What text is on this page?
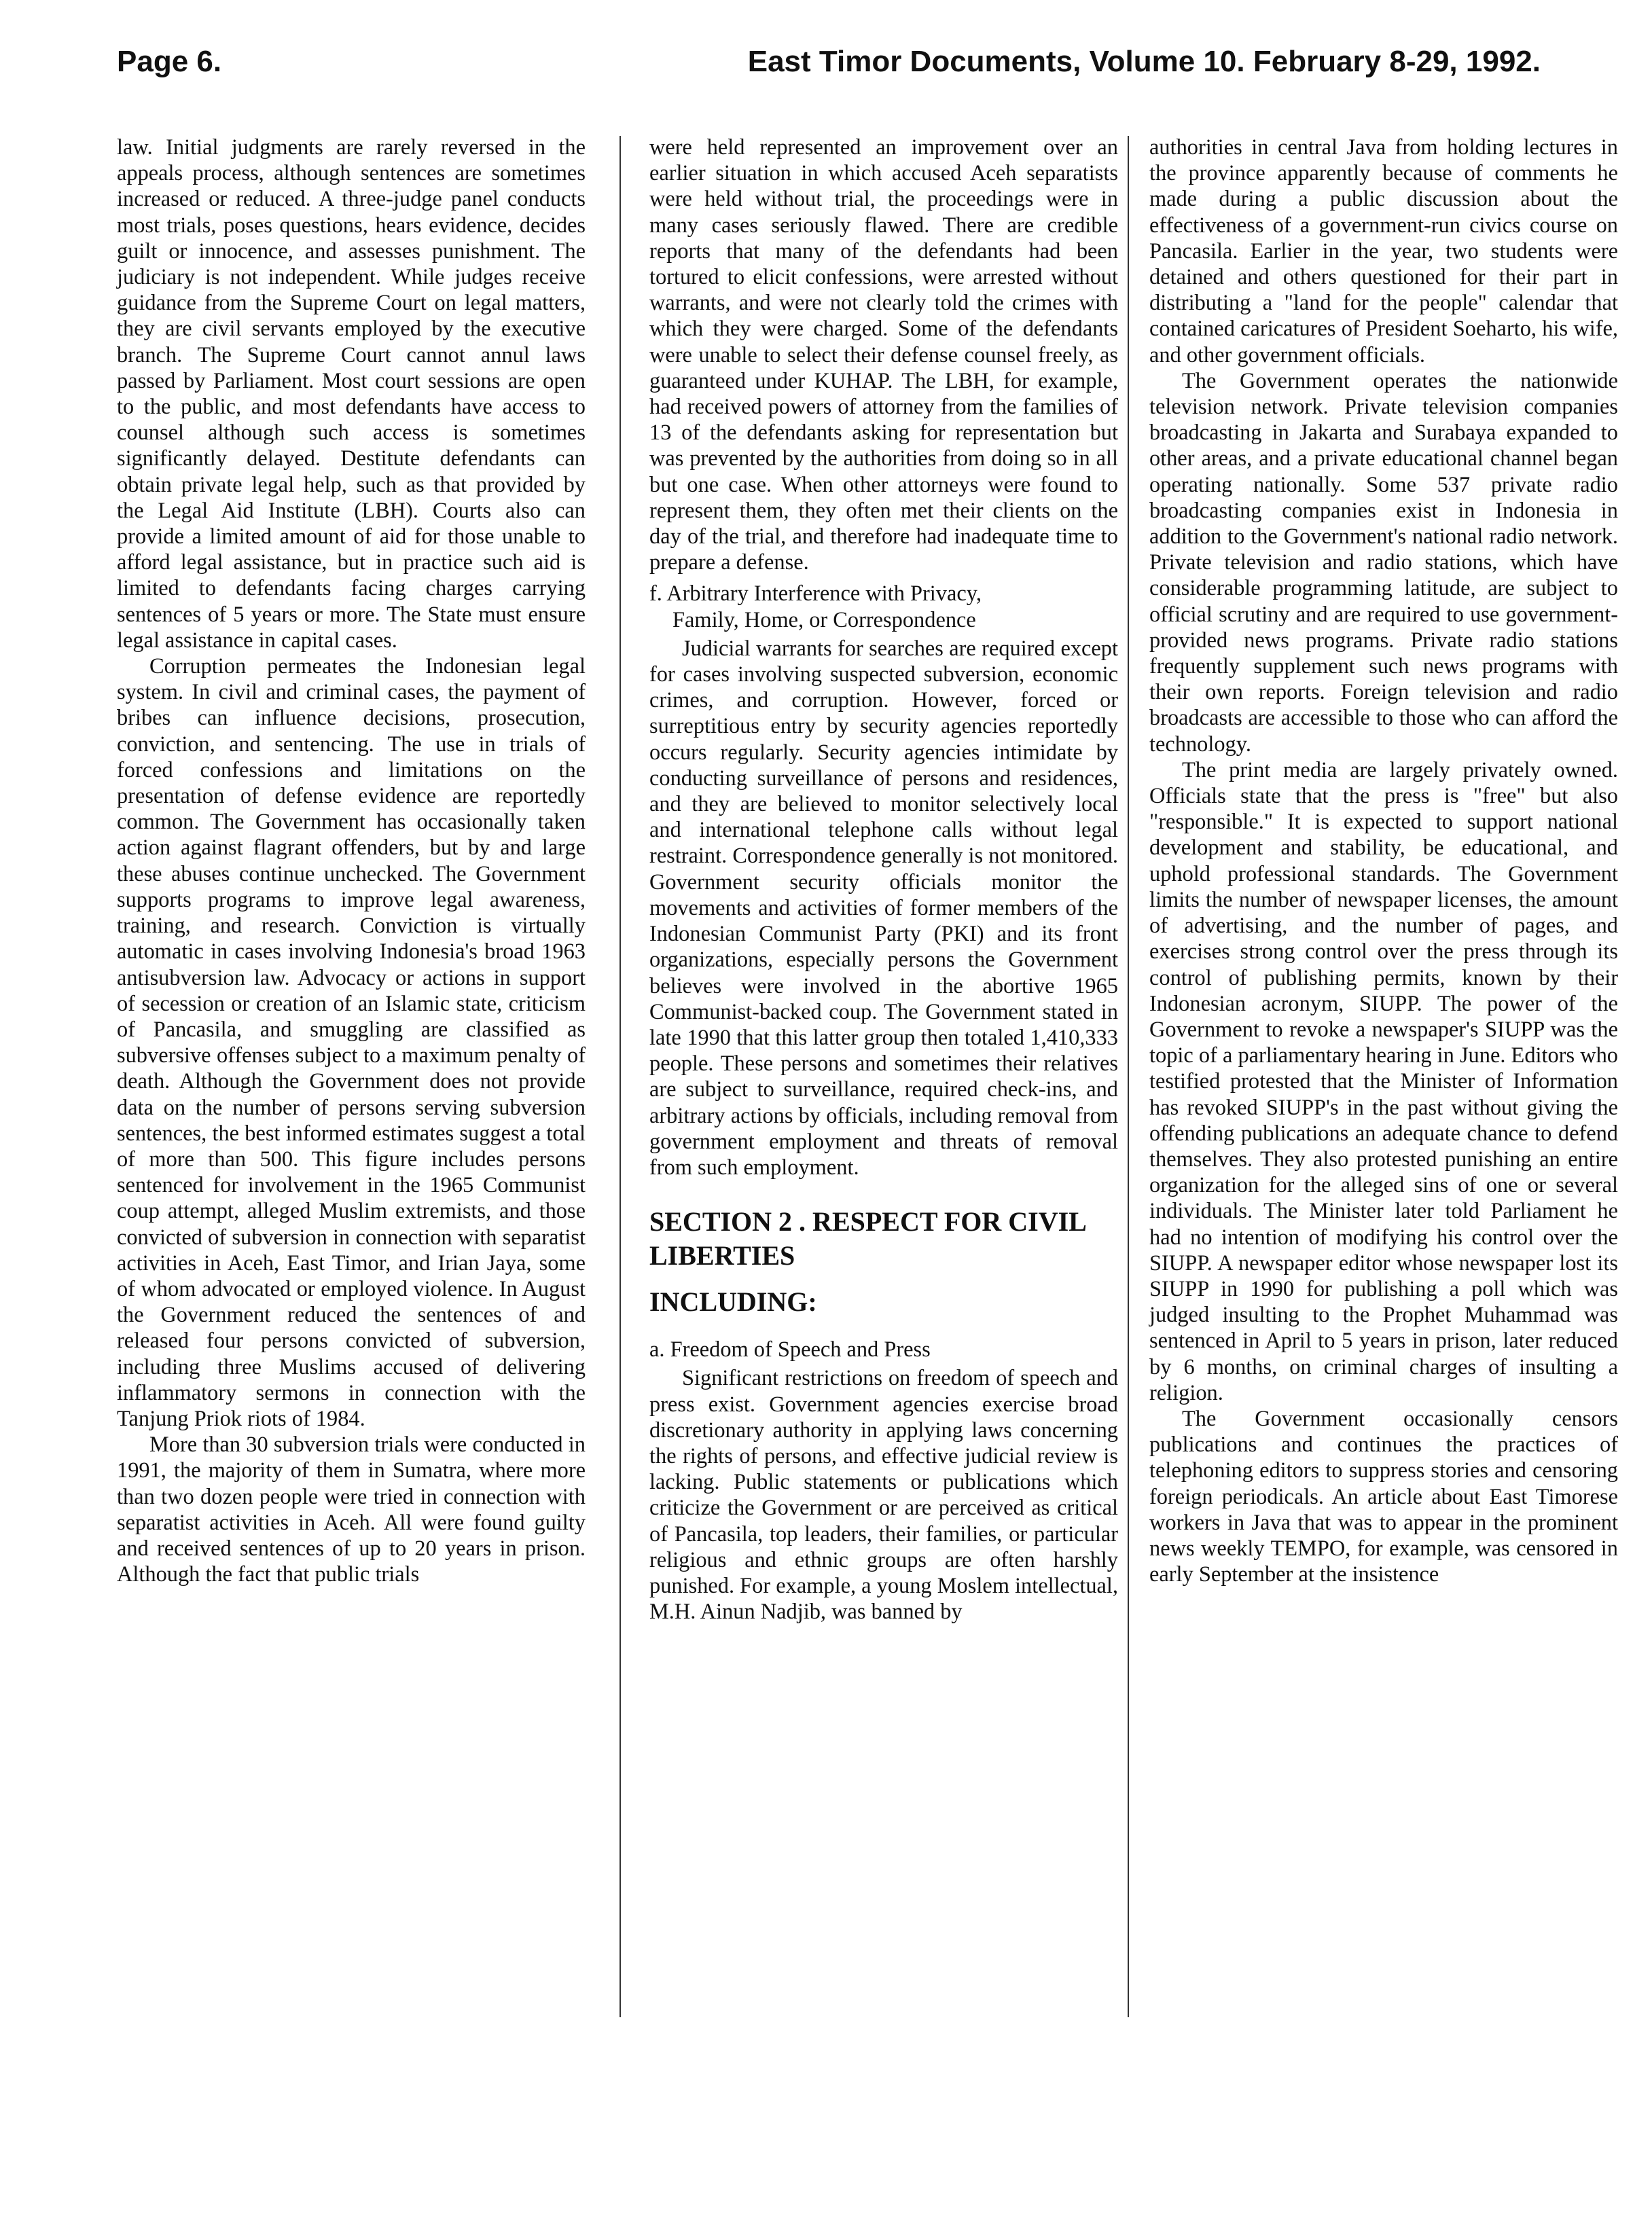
Page 6.	East Timor Documents, Volume 10. February 8-29, 1992.

law. Initial judgments are rarely reversed in the appeals process, although sentences are sometimes increased or reduced. A three-judge panel conducts most trials, poses questions, hears evidence, decides guilt or innocence, and assesses punishment. The judiciary is not independent. While judges receive guidance from the Supreme Court on legal matters, they are civil servants employed by the executive branch. The Supreme Court cannot annul laws passed by Parliament. Most court sessions are open to the public, and most defendants have access to counsel although such access is sometimes significantly delayed. Destitute defendants can obtain private legal help, such as that provided by the Legal Aid Institute (LBH). Courts also can provide a limited amount of aid for those unable to afford legal assistance, but in practice such aid is limited to defendants facing charges carrying sentences of 5 years or more. The State must ensure legal assistance in capital cases.

Corruption permeates the Indonesian legal system. In civil and criminal cases, the payment of bribes can influence decisions, prosecution, conviction, and sentencing. The use in trials of forced confessions and limitations on the presentation of defense evidence are reportedly common. The Government has occasionally taken action against flagrant offenders, but by and large these abuses continue unchecked. The Government supports programs to improve legal awareness, training, and research. Conviction is virtually automatic in cases involving Indonesia's broad 1963 antisubversion law. Advocacy or actions in support of secession or creation of an Islamic state, criticism of Pancasila, and smuggling are classified as subversive offenses subject to a maximum penalty of death. Although the Government does not provide data on the number of persons serving subversion sentences, the best informed estimates suggest a total of more than 500. This figure includes persons sentenced for involvement in the 1965 Communist coup attempt, alleged Muslim extremists, and those convicted of subversion in connection with separatist activities in Aceh, East Timor, and Irian Jaya, some of whom advocated or employed violence. In August the Government reduced the sentences of and released four persons convicted of subversion, including three Muslims accused of delivering inflammatory sermons in connection with the Tanjung Priok riots of 1984.

More than 30 subversion trials were conducted in 1991, the majority of them in Sumatra, where more than two dozen people were tried in connection with separatist activities in Aceh. All were found guilty and received sentences of up to 20 years in prison. Although the fact that public trials

were held represented an improvement over an earlier situation in which accused Aceh separatists were held without trial, the proceedings were in many cases seriously flawed. There are credible reports that many of the defendants had been tortured to elicit confessions, were arrested without warrants, and were not clearly told the crimes with which they were charged. Some of the defendants were unable to select their defense counsel freely, as guaranteed under KUHAP. The LBH, for example, had received powers of attorney from the families of 13 of the defendants asking for representation but was prevented by the authorities from doing so in all but one case. When other attorneys were found to represent them, they often met their clients on the day of the trial, and therefore had inadequate time to prepare a defense.

f. Arbitrary Interference with Privacy,
Family, Home, or Correspondence

Judicial warrants for searches are required except for cases involving suspected subversion, economic crimes, and corruption. However, forced or surreptitious entry by security agencies reportedly occurs regularly. Security agencies intimidate by conducting surveillance of persons and residences, and they are believed to monitor selectively local and international telephone calls without legal restraint. Correspondence generally is not monitored. Government security officials monitor the movements and activities of former members of the Indonesian Communist Party (PKI) and its front organizations, especially persons the Government believes were involved in the abortive 1965 Communist-backed coup. The Government stated in late 1990 that this latter group then totaled 1,410,333 people. These persons and sometimes their relatives are subject to surveillance, required check-ins, and arbitrary actions by officials, including removal from government employment and threats of removal from such employment.

SECTION 2 . RESPECT FOR CIVIL LIBERTIES
INCLUDING:
a. Freedom of Speech and Press

Significant restrictions on freedom of speech and press exist. Government agencies exercise broad discretionary authority in applying laws concerning the rights of persons, and effective judicial review is lacking. Public statements or publications which criticize the Government or are perceived as critical of Pancasila, top leaders, their families, or particular religious and ethnic groups are often harshly punished. For example, a young Moslem intellectual, M.H. Ainun Nadjib, was banned by

authorities in central Java from holding lectures in the province apparently because of comments he made during a public discussion about the effectiveness of a government-run civics course on Pancasila. Earlier in the year, two students were detained and others questioned for their part in distributing a "land for the people" calendar that contained caricatures of President Soeharto, his wife, and other government officials.

The Government operates the nationwide television network. Private television companies broadcasting in Jakarta and Surabaya expanded to other areas, and a private educational channel began operating nationally. Some 537 private radio broadcasting companies exist in Indonesia in addition to the Government's national radio network. Private television and radio stations, which have considerable programming latitude, are subject to official scrutiny and are required to use government-provided news programs. Private radio stations frequently supplement such news programs with their own reports. Foreign television and radio broadcasts are accessible to those who can afford the technology.

The print media are largely privately owned. Officials state that the press is "free" but also "responsible." It is expected to support national development and stability, be educational, and uphold professional standards. The Government limits the number of newspaper licenses, the amount of advertising, and the number of pages, and exercises strong control over the press through its control of publishing permits, known by their Indonesian acronym, SIUPP. The power of the Government to revoke a newspaper's SIUPP was the topic of a parliamentary hearing in June. Editors who testified protested that the Minister of Information has revoked SIUPP's in the past without giving the offending publications an adequate chance to defend themselves. They also protested punishing an entire organization for the alleged sins of one or several individuals. The Minister later told Parliament he had no intention of modifying his control over the SIUPP. A newspaper editor whose newspaper lost its SIUPP in 1990 for publishing a poll which was judged insulting to the Prophet Muhammad was sentenced in April to 5 years in prison, later reduced by 6 months, on criminal charges of insulting a religion.

The Government occasionally censors publications and continues the practices of telephoning editors to suppress stories and censoring foreign periodicals. An article about East Timorese workers in Java that was to appear in the prominent news weekly TEMPO, for example, was censored in early September at the insistence
